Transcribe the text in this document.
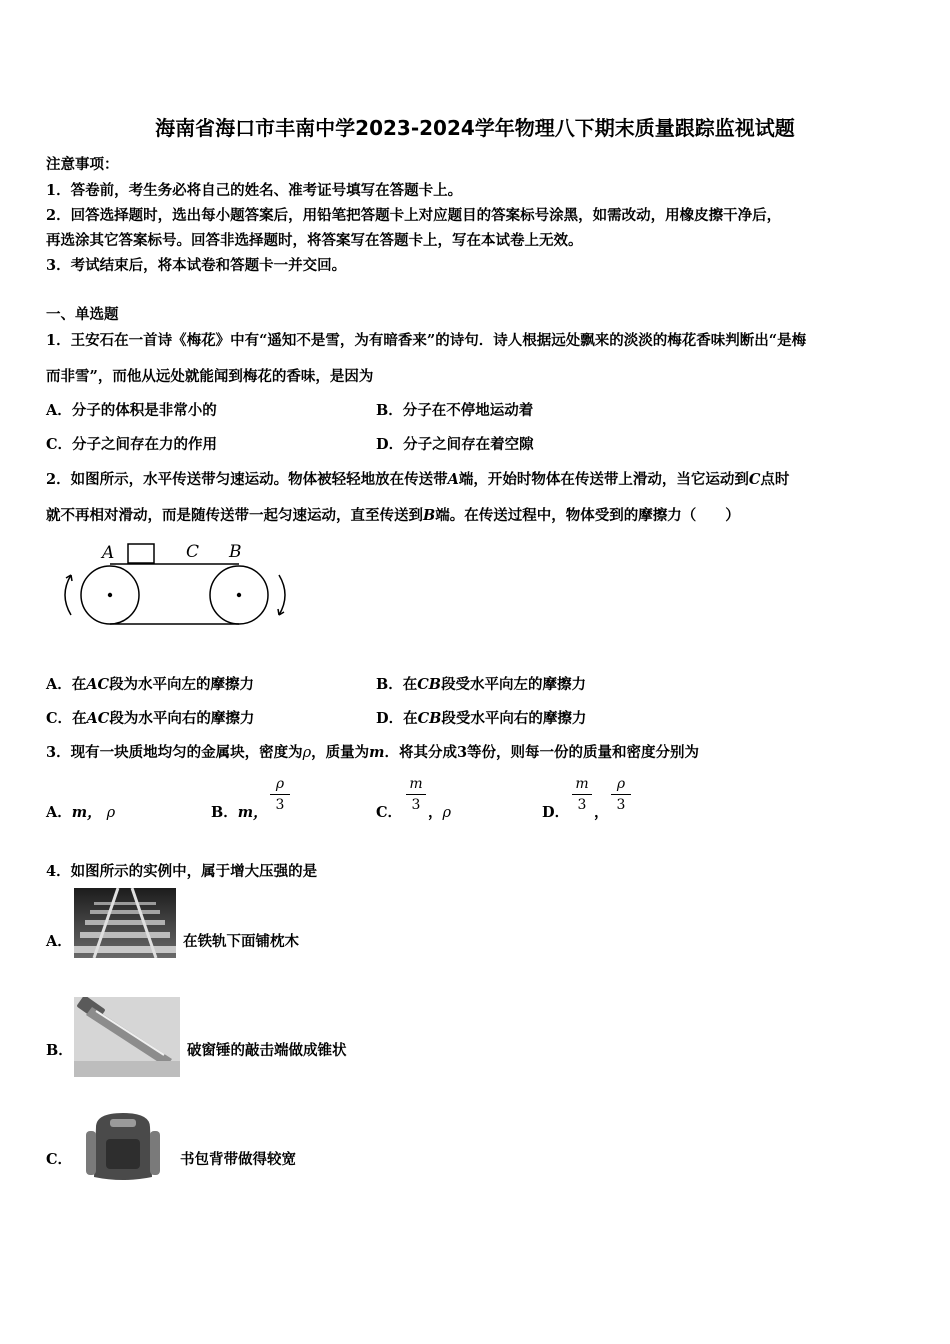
海南省海口市丰南中学2023-2024学年物理八下期末质量跟踪监视试题
注意事项：
1．答卷前，考生务必将自己的姓名、准考证号填写在答题卡上。
2．回答选择题时，选出每小题答案后，用铅笔把答题卡上对应题目的答案标号涂黑，如需改动，用橡皮擦干净后，
再选涂其它答案标号。回答非选择题时，将答案写在答题卡上，写在本试卷上无效。
3．考试结束后，将本试卷和答题卡一并交回。
一、单选题
1．王安石在一首诗《梅花》中有“遥知不是雪，为有暗香来”的诗句．诗人根据远处飘来的淡淡的梅花香味判断出“是梅
而非雪”，而他从远处就能闻到梅花的香味，是因为
A．分子的体积是非常小的	B．分子在不停地运动着
C．分子之间存在力的作用	D．分子之间存在着空隙
2．如图所示，水平传送带匀速运动。物体被轻轻地放在传送带A端，开始时物体在传送带上滑动，当它运动到C点时
就不再相对滑动，而是随传送带一起匀速运动，直至传送到B端。在传送过程中，物体受到的摩擦力（　　）
A	C B
A．在AC段为水平向左的摩擦力	B．在CB段受水平向左的摩擦力
C．在AC段为水平向右的摩擦力	D．在CB段受水平向右的摩擦力
3．现有一块质地均匀的金属块，密度为ρ，质量为m．将其分成3等份，则每一份的质量和密度分别为
A．m， ρ	B．m，
ρ
3	C．
m
3 ，ρ	D．
m
3 ，
ρ
3
4．如图所示的实例中，属于增大压强的是
A．	在铁轨下面铺枕木
B．	破窗锤的敲击端做成锥状
C．	书包背带做得较宽
